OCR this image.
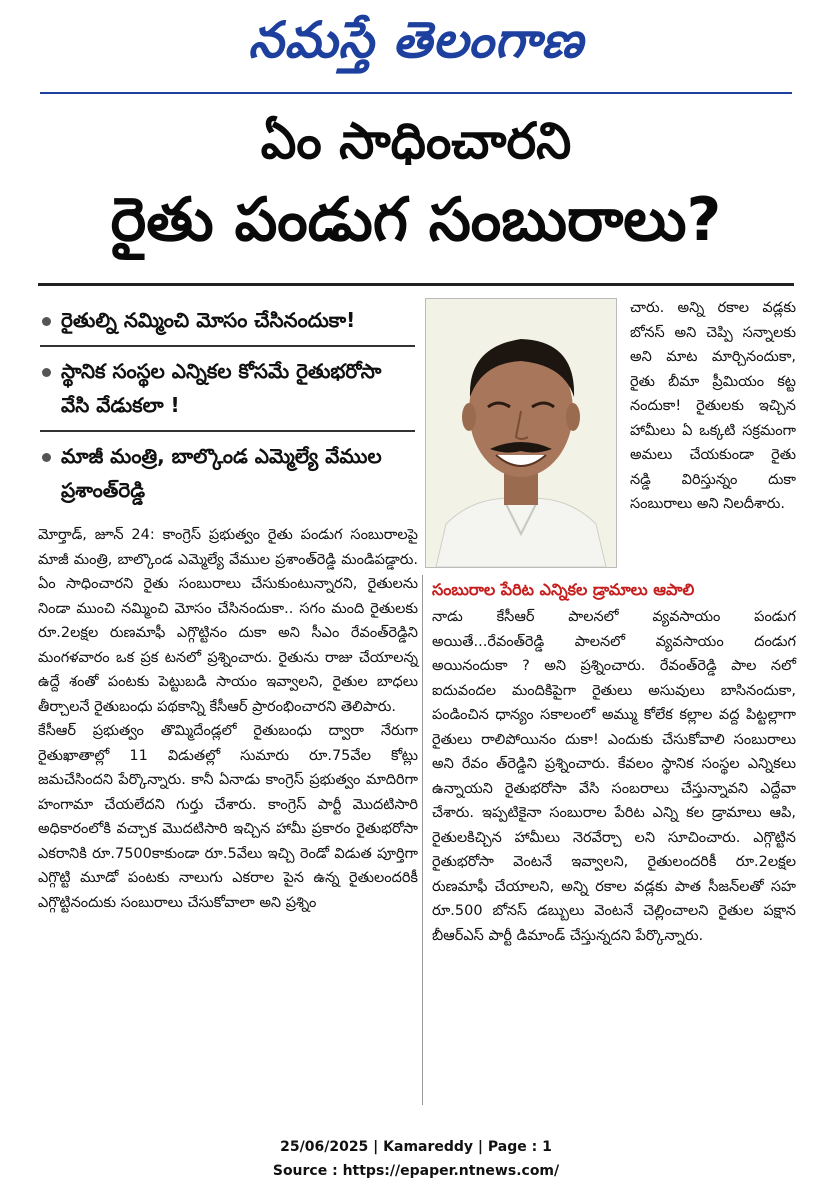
నమస్తే తెలంగాణ
ఏం సాధించారని
రైతు పండుగ సంబురాలు?
రైతుల్ని నమ్మించి మోసం చేసినందుకా!
స్థానిక సంస్థల ఎన్నికల కోసమే రైతుభరోసా వేసి వేడుకలా !
మాజీ మంత్రి, బాల్కొండ ఎమ్మెల్యే వేముల ప్రశాంత్‌రెడ్డి

చారు. అన్ని రకాల వడ్లకు బోనస్ అని చెప్పి సన్నాలకు అని మాట మార్చినందుకా, రైతు బీమా ప్రీమియం కట్ట నందుకా! రైతులకు ఇచ్చిన హామీలు ఏ ఒక్కటి సక్రమంగా అమలు చేయకుండా రైతు నడ్డి విరిస్తున్నం దుకా సంబురాలు అని నిలదీశారు.

మోర్తాడ్, జూన్ 24: కాంగ్రెస్ ప్రభుత్వం రైతు పండుగ సంబురాలపై మాజీ మంత్రి, బాల్కొండ ఎమ్మెల్యే వేముల ప్రశాంత్‌రెడ్డి మండిపడ్డారు. ఏం సాధించారని రైతు సంబురాలు చేసుకుంటున్నారని, రైతులను నిండా ముంచి నమ్మించి మోసం చేసినందుకా.. సగం మంది రైతులకు రూ.2లక్షల రుణమాఫీ ఎగ్గొట్టినం దుకా అని సీఎం రేవంత్‌రెడ్డిని మంగళవారం ఒక ప్రక టనలో ప్రశ్నించారు. రైతును రాజు చేయాలన్న ఉద్దే శంతో పంటకు పెట్టుబడి సాయం ఇవ్వాలని, రైతుల బాధలు తీర్చాలనే రైతుబంధు పథకాన్ని కేసీఆర్ ప్రారంభించారని తెలిపారు.

కేసీఆర్ ప్రభుత్వం తొమ్మిదేండ్లలో రైతుబంధు ద్వారా నేరుగా రైతుఖాతాల్లో 11 విడుతల్లో సుమారు రూ.75వేల కోట్లు జమచేసిందని పేర్కొన్నారు. కానీ ఏనాడు కాంగ్రెస్ ప్రభుత్వం మాదిరిగా హంగామా చేయలేదని గుర్తు చేశారు. కాంగ్రెస్ పార్టీ మొదటిసారి అధికారంలోకి వచ్చాక మొదటిసారి ఇచ్చిన హామీ ప్రకారం రైతుభరోసా ఎకరానికి రూ.7500కాకుండా రూ.5వేలు ఇచ్చి రెండో విడుత పూర్తిగా ఎగ్గొట్టి మూడో పంటకు నాలుగు ఎకరాల పైన ఉన్న రైతులందరికీ ఎగ్గొట్టినందుకు సంబురాలు చేసుకోవాలా అని ప్రశ్నిం

సంబురాల పేరిట ఎన్నికల డ్రామాలు ఆపాలి

నాడు కేసీఆర్ పాలనలో వ్యవసాయం పండుగ అయితే...రేవంత్‌రెడ్డి పాలనలో వ్యవసాయం దండుగ అయినందుకా ? అని ప్రశ్నించారు. రేవంత్‌రెడ్డి పాల నలో ఐదువందల మందికిపైగా రైతులు అసువులు బాసినందుకా, పండించిన ధాన్యం సకాలంలో అమ్ము కోలేక కల్లాల వద్ద పిట్టల్లాగా రైతులు రాలిపోయినం దుకా! ఎందుకు చేసుకోవాలి సంబురాలు అని రేవం త్‌రెడ్డిని ప్రశ్నించారు. కేవలం స్థానిక సంస్థల ఎన్నికలు ఉన్నాయని రైతుభరోసా వేసి సంబరాలు చేస్తున్నావని ఎద్దేవా చేశారు. ఇప్పటికైనా సంబురాల పేరిట ఎన్ని కల డ్రామాలు ఆపి, రైతులకిచ్చిన హామీలు నెరవేర్చా లని సూచించారు. ఎగ్గొట్టిన రైతుభరోసా వెంటనే ఇవ్వాలని, రైతులందరికీ రూ.2లక్షల రుణమాఫీ చేయాలని, అన్ని రకాల వడ్లకు పాత సీజన్‌లతో సహ రూ.500 బోనస్ డబ్బులు వెంటనే చెల్లించాలని రైతుల పక్షాన బీఆర్ఎస్ పార్టీ డిమాండ్ చేస్తున్నదని పేర్కొన్నారు.

25/06/2025 | Kamareddy | Page : 1
Source : https://epaper.ntnews.com/
